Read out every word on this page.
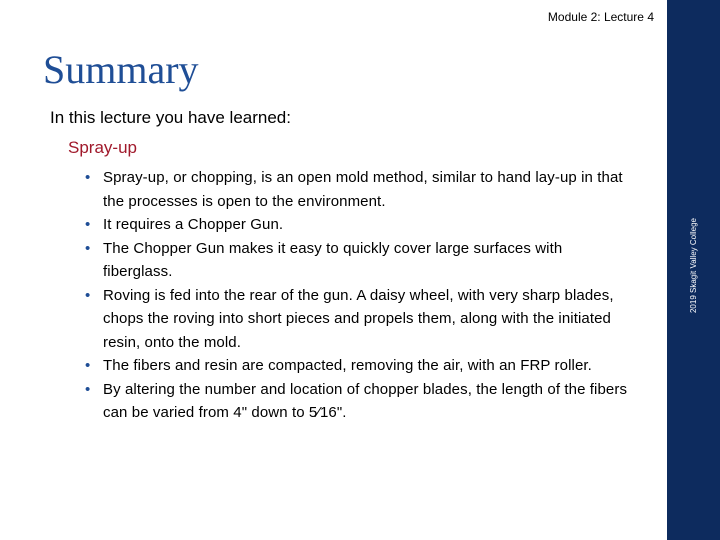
Module 2: Lecture 4
2019 Skagit Valley College
Summary
In this lecture you have learned:
Spray-up
• Spray-up, or chopping, is an open mold method, similar to hand lay-up in that the processes is open to the environment.
• It requires a Chopper Gun.
• The Chopper Gun makes it easy to quickly cover large surfaces with fiberglass.
• Roving is fed into the rear of the gun. A daisy wheel, with very sharp blades, chops the roving into short pieces and propels them, along with the initiated resin, onto the mold.
• The fibers and resin are compacted, removing the air, with an FRP roller.
• By altering the number and location of chopper blades, the length of the fibers can be varied from 4" down to 5⁄16".
